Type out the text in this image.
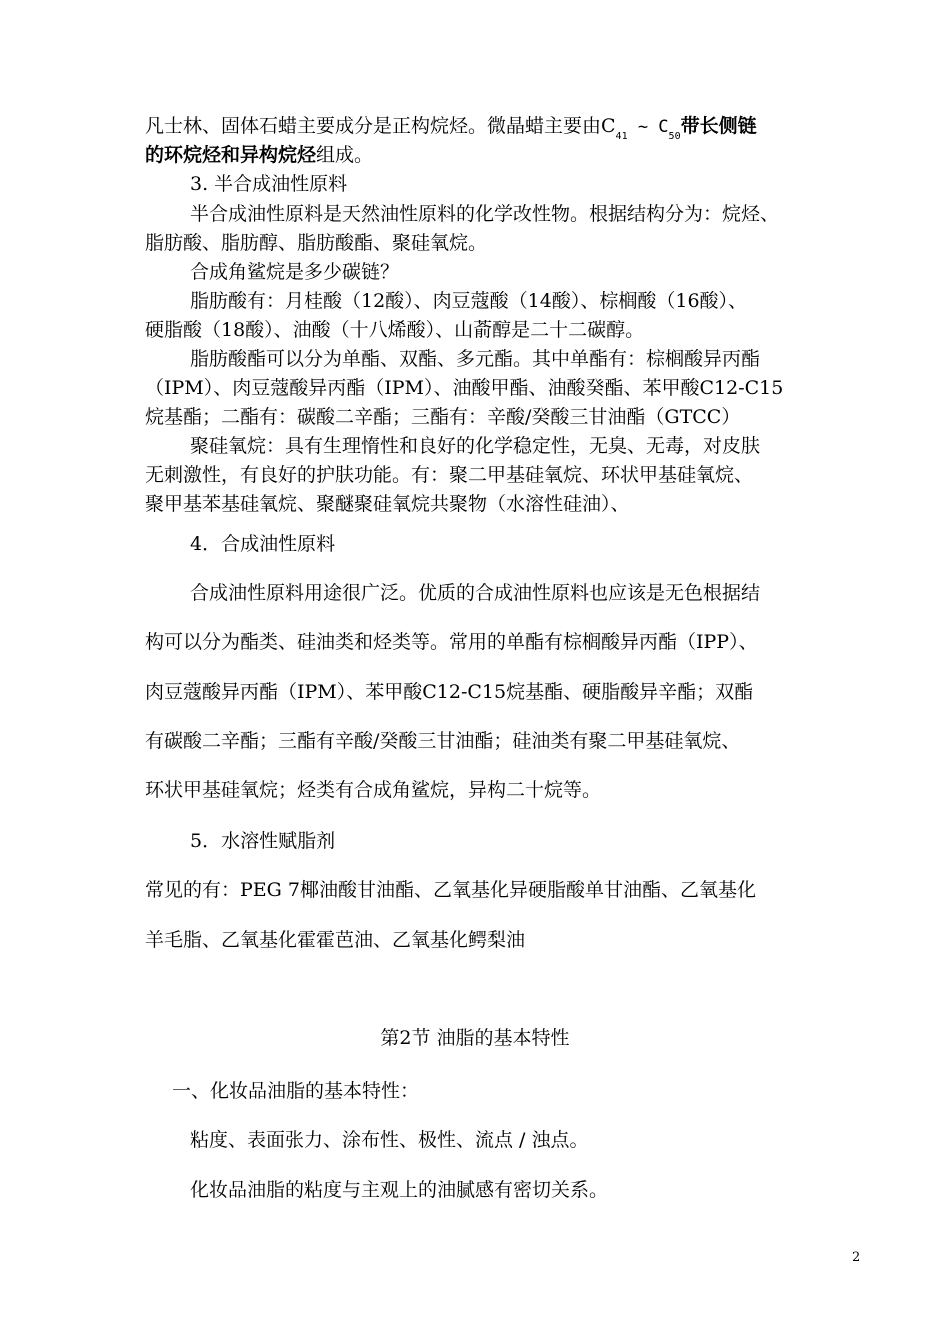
凡士林、固体石蜡主要成分是正构烷烃。微晶蜡主要由$C_{41}$ ~ $C_{50}$带长侧链
的环烷烃和异构烷烃组成。
3. 半合成油性原料
半合成油性原料是天然油性原料的化学改性物。根据结构分为：烷烃、
脂肪酸、脂肪醇、脂肪酸酯、聚硅氧烷。
合成角鲨烷是多少碳链？
脂肪酸有：月桂酸（12酸）、肉豆蔻酸（14酸）、棕榈酸（16酸）、
硬脂酸（18酸）、油酸（十八烯酸）、山萮醇是二十二碳醇。
脂肪酸酯可以分为单酯、双酯、多元酯。其中单酯有：棕榈酸异丙酯
（IPM）、肉豆蔻酸异丙酯（IPM）、油酸甲酯、油酸癸酯、苯甲酸C12-C15
烷基酯；二酯有：碳酸二辛酯；三酯有：辛酸/癸酸三甘油酯（GTCC）
聚硅氧烷：具有生理惰性和良好的化学稳定性，无臭、无毒，对皮肤
无刺激性，有良好的护肤功能。有：聚二甲基硅氧烷、环状甲基硅氧烷、
聚甲基苯基硅氧烷、聚醚聚硅氧烷共聚物（水溶性硅油）、
4．合成油性原料
合成油性原料用途很广泛。优质的合成油性原料也应该是无色根据结
构可以分为酯类、硅油类和烃类等。常用的单酯有棕榈酸异丙酯（IPP）、
肉豆蔻酸异丙酯（IPM）、苯甲酸C12-C15烷基酯、硬脂酸异辛酯；双酯
有碳酸二辛酯；三酯有辛酸/癸酸三甘油酯；硅油类有聚二甲基硅氧烷、
环状甲基硅氧烷；烃类有合成角鲨烷，异构二十烷等。
5．水溶性赋脂剂
常见的有：PEG 7椰油酸甘油酯、乙氧基化异硬脂酸单甘油酯、乙氧基化
羊毛脂、乙氧基化霍霍芭油、乙氧基化鳄梨油
第2节 油脂的基本特性
一、化妆品油脂的基本特性：
粘度、表面张力、涂布性、极性、流点 / 浊点。
化妆品油脂的粘度与主观上的油腻感有密切关系。
2
